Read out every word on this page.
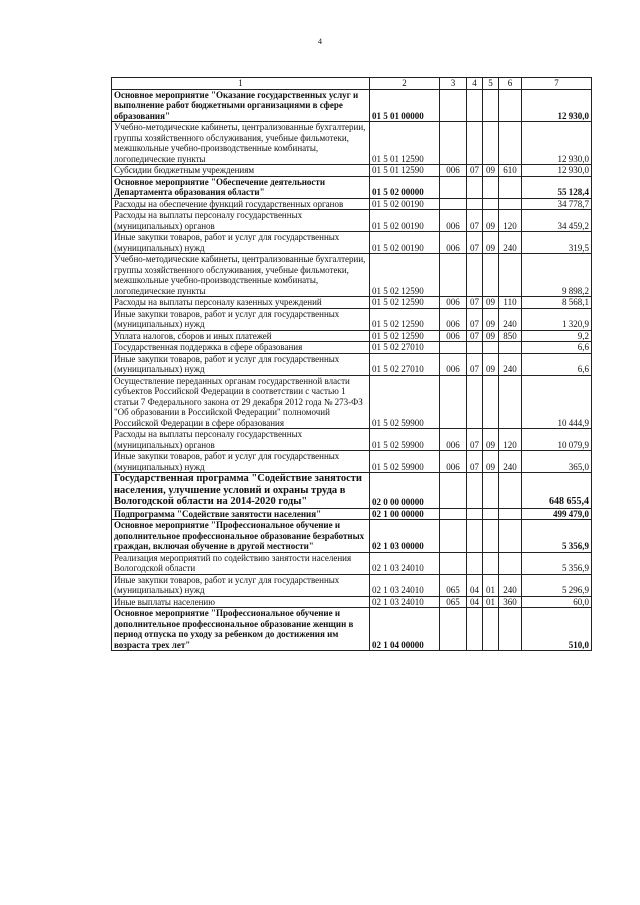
4
1	2	3	4	5	6	7
Основное мероприятие "Оказание государственных услуг и выполнение работ бюджетными организациями в сфере образования"	01 5 01 00000					12 930,0
Учебно-методические кабинеты, централизованные бухгалтерии, группы хозяйственного обслуживания, учебные фильмотеки, межшкольные учебно-производственные комбинаты, логопедические пункты	01 5 01 12590					12 930,0
Субсидии бюджетным учреждениям	01 5 01 12590	006	07	09	610	12 930,0
Основное мероприятие "Обеспечение деятельности Департамента образования области"	01 5 02 00000					55 128,4
Расходы на обеспечение функций государственных органов	01 5 02 00190					34 778,7
Расходы на выплаты персоналу государственных (муниципальных) органов	01 5 02 00190	006	07	09	120	34 459,2
Иные закупки товаров, работ и услуг для государственных (муниципальных) нужд	01 5 02 00190	006	07	09	240	319,5
Учебно-методические кабинеты, централизованные бухгалтерии, группы хозяйственного обслуживания, учебные фильмотеки, межшкольные учебно-производственные комбинаты, логопедические пункты	01 5 02 12590					9 898,2
Расходы на выплаты персоналу казенных учреждений	01 5 02 12590	006	07	09	110	8 568,1
Иные закупки товаров, работ и услуг для государственных (муниципальных) нужд	01 5 02 12590	006	07	09	240	1 320,9
Уплата налогов, сборов и иных платежей	01 5 02 12590	006	07	09	850	9,2
Государственная поддержка в сфере образования	01 5 02 27010					6,6
Иные закупки товаров, работ и услуг для государственных (муниципальных) нужд	01 5 02 27010	006	07	09	240	6,6
Осуществление переданных органам государственной власти субъектов Российской Федерации в соответствии с частью 1 статьи 7 Федерального закона от 29 декабря 2012 года № 273-ФЗ "Об образовании в Российской Федерации" полномочий Российской Федерации в сфере образования	01 5 02 59900					10 444,9
Расходы на выплаты персоналу государственных (муниципальных) органов	01 5 02 59900	006	07	09	120	10 079,9
Иные закупки товаров, работ и услуг для государственных (муниципальных) нужд	01 5 02 59900	006	07	09	240	365,0
Государственная программа "Содействие занятости населения, улучшение условий и охраны труда в Вологодской области на 2014-2020 годы"	02 0 00 00000					648 655,4
Подпрограмма "Содействие занятости населения"	02 1 00 00000					499 479,0
Основное мероприятие "Профессиональное обучение и дополнительное профессиональное образование безработных граждан, включая обучение в другой местности"	02 1 03 00000					5 356,9
Реализация мероприятий по содействию занятости населения Вологодской области	02 1 03 24010					5 356,9
Иные закупки товаров, работ и услуг для государственных (муниципальных) нужд	02 1 03 24010	065	04	01	240	5 296,9
Иные выплаты населению	02 1 03 24010	065	04	01	360	60,0
Основное мероприятие "Профессиональное обучение и дополнительное профессиональное образование женщин в период отпуска по уходу за ребенком до достижения им возраста трех лет"	02 1 04 00000					510,0
